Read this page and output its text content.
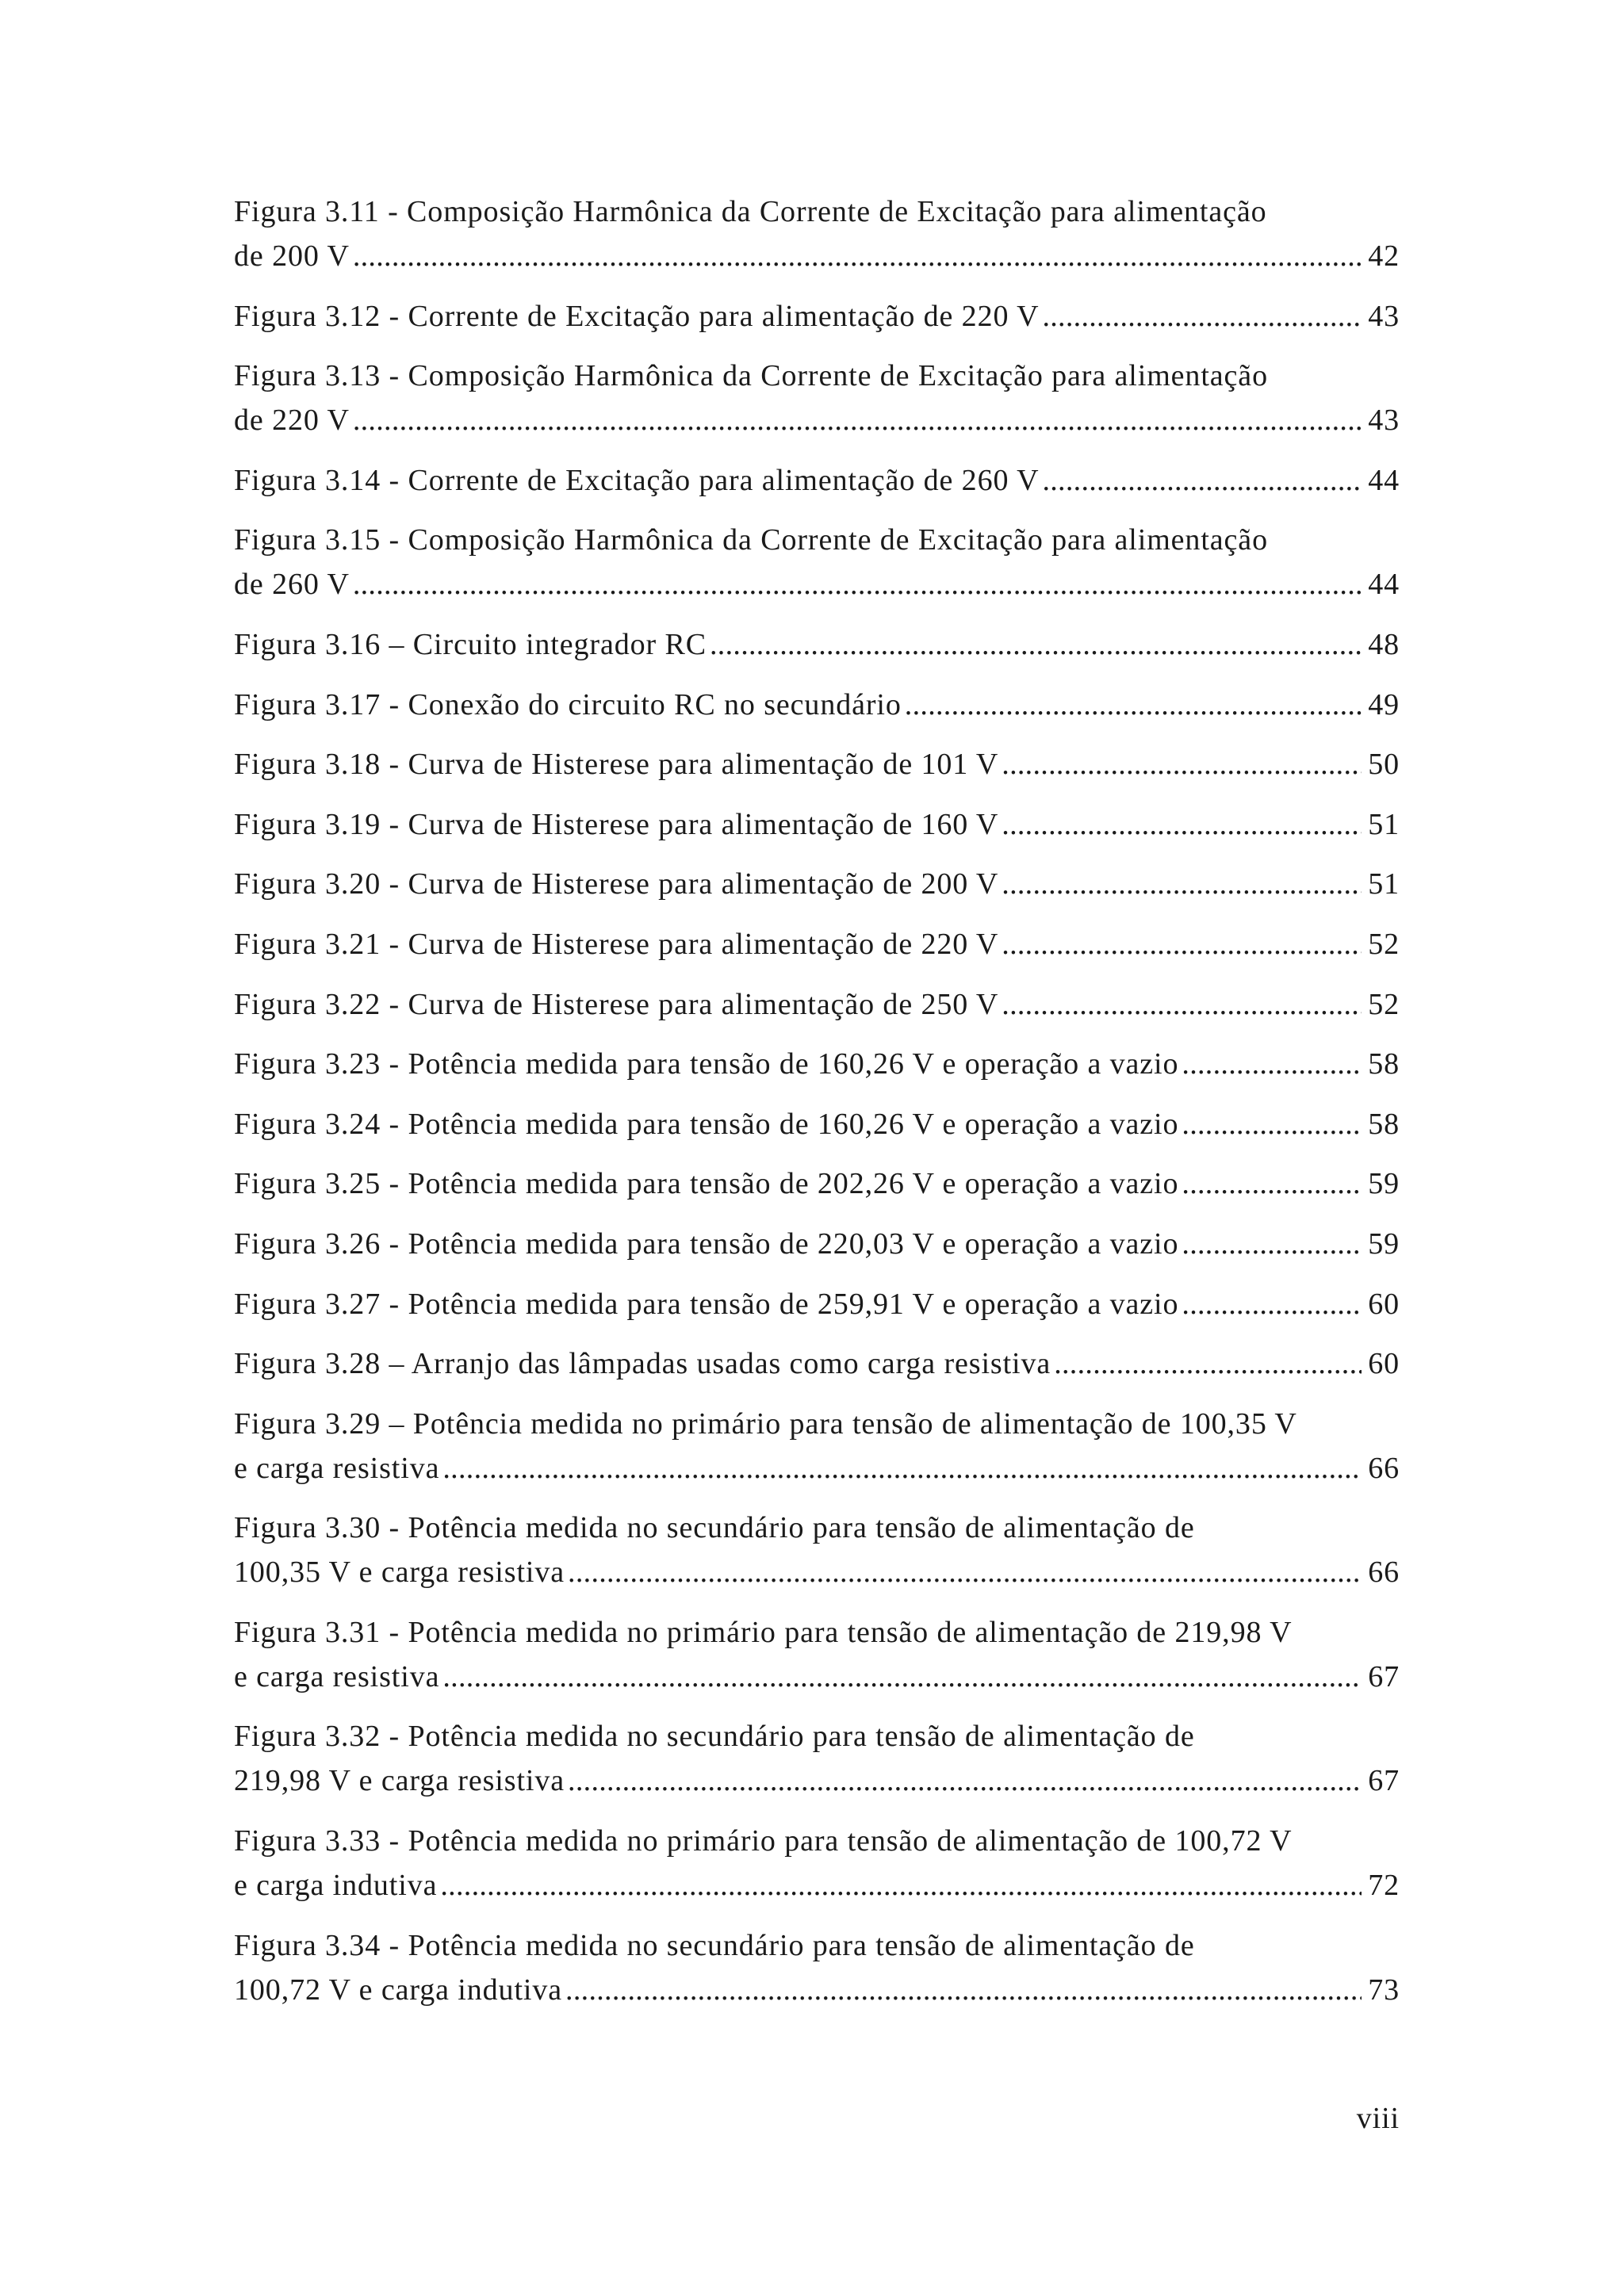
Figura 3.11 - Composição Harmônica da Corrente de Excitação para alimentação
de 200 V . . .	42
Figura 3.12 - Corrente de Excitação para alimentação de 220 V . . .	43
Figura 3.13 - Composição Harmônica da Corrente de Excitação para alimentação
de 220 V . . .	43
Figura 3.14 - Corrente de Excitação para alimentação de 260 V . . .	44
Figura 3.15 - Composição Harmônica da Corrente de Excitação para alimentação
de 260 V . . .	44
Figura 3.16 – Circuito integrador RC . . .	48
Figura 3.17 - Conexão do circuito RC no secundário . . .	49
Figura 3.18 - Curva de Histerese para alimentação de 101 V . . .	50
Figura 3.19 - Curva de Histerese para alimentação de 160 V . . .	51
Figura 3.20 - Curva de Histerese para alimentação de 200 V . . .	51
Figura 3.21 - Curva de Histerese para alimentação de 220 V . . .	52
Figura 3.22 - Curva de Histerese para alimentação de 250 V . . .	52
Figura 3.23 - Potência medida para tensão de 160,26 V e operação a vazio . . .	58
Figura 3.24 - Potência medida para tensão de 160,26 V e operação a vazio . . .	58
Figura 3.25 - Potência medida para tensão de 202,26 V e operação a vazio . . .	59
Figura 3.26 - Potência medida para tensão de 220,03 V e operação a vazio . . .	59
Figura 3.27 - Potência medida para tensão de 259,91 V e operação a vazio . . .	60
Figura 3.28 – Arranjo das lâmpadas usadas como carga resistiva . . .	60
Figura 3.29 – Potência medida no primário para tensão de alimentação de 100,35 V
e carga resistiva . . .	66
Figura 3.30 - Potência medida no secundário para tensão de alimentação de
100,35 V e carga resistiva . . .	66
Figura 3.31 - Potência medida no primário para tensão de alimentação de 219,98 V
e carga resistiva . . .	67
Figura 3.32 - Potência medida no secundário para tensão de alimentação de
219,98 V e carga resistiva . . .	67
Figura 3.33 - Potência medida no primário para tensão de alimentação de 100,72 V
e carga indutiva . . .	72
Figura 3.34 - Potência medida no secundário para tensão de alimentação de
100,72 V e carga indutiva . . .	73
viii
